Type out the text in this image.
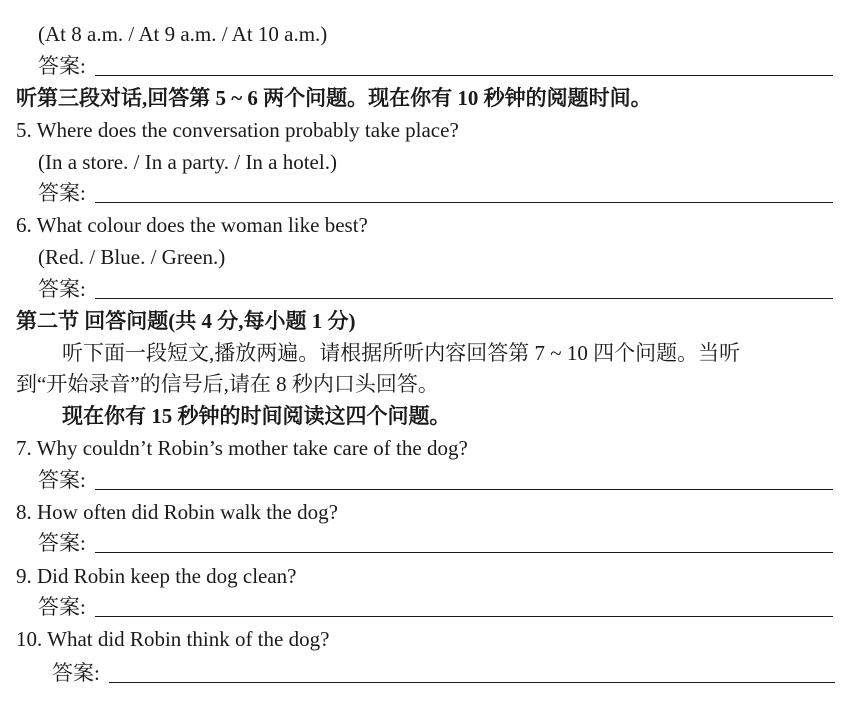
(At 8 a.m. / At 9 a.m. / At 10 a.m.)
答案:
听第三段对话,回答第 5 ~ 6 两个问题。现在你有 10 秒钟的阅题时间。
5. Where does the conversation probably take place?
(In a store. / In a party. / In a hotel.)
答案:
6. What colour does the woman like best?
(Red. / Blue. / Green.)
答案:
第二节 回答问题(共 4 分,每小题 1 分)
听下面一段短文,播放两遍。请根据所听内容回答第 7 ~ 10 四个问题。当听
到“开始录音”的信号后,请在 8 秒内口头回答。
现在你有 15 秒钟的时间阅读这四个问题。
7. Why couldn’t Robin’s mother take care of the dog?
答案:
8. How often did Robin walk the dog?
答案:
9. Did Robin keep the dog clean?
答案:
10. What did Robin think of the dog?
答案:
